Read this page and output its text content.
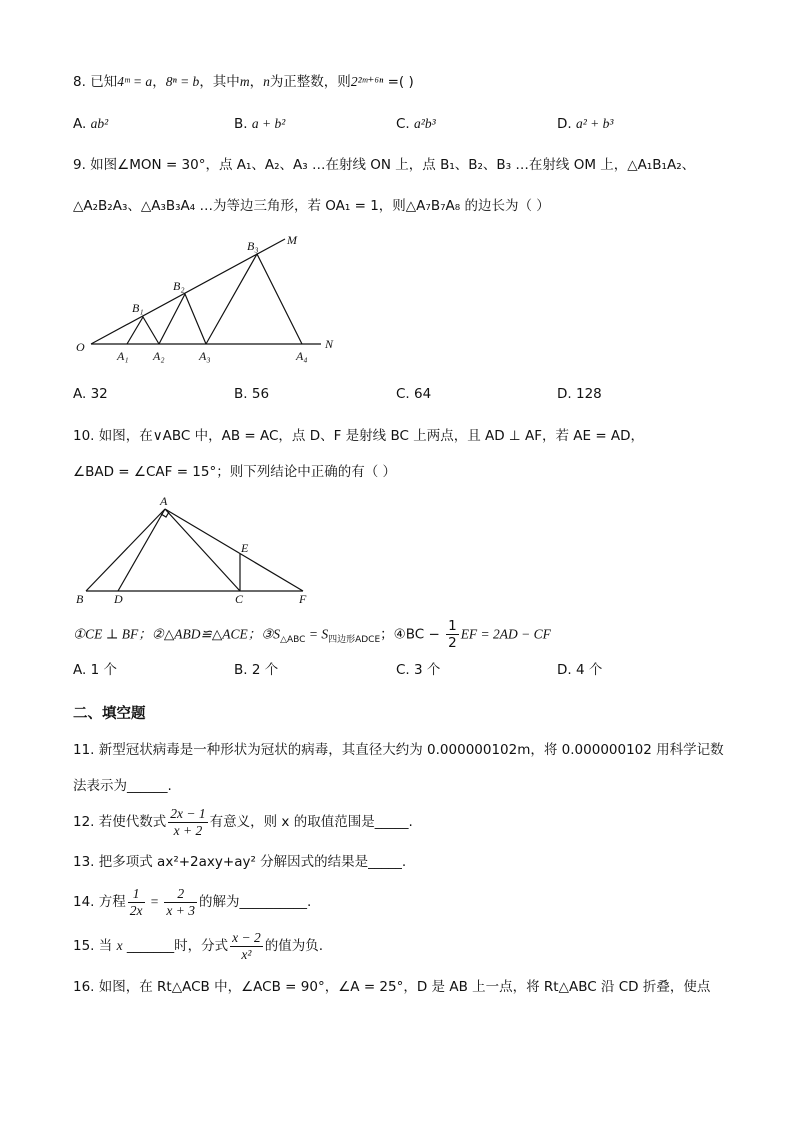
8. 已知4ᵐ = a，8ⁿ = b，其中m，n为正整数，则2²ᵐ⁺⁶ⁿ =( )
A. ab²	B. a + b²	C. a²b³	D. a² + b³
9. 如图∠MON = 30°，点 A₁、A₂、A₃ …在射线 ON 上，点 B₁、B₂、B₃ …在射线 OM 上，△A₁B₁A₂、
△A₂B₂A₃、△A₃B₃A₄ …为等边三角形，若 OA₁ = 1，则△A₇B₇A₈ 的边长为（ ）
O
A₁ A₂	A₃	A₄
N
B₁
B₂
B₃ M
A. 32	B. 56	C. 64	D. 128
10. 如图，在∨ABC 中，AB = AC，点 D、F 是射线 BC 上两点，且 AD ⊥ AF，若 AE = AD，
∠BAD = ∠CAF = 15°；则下列结论中正确的有（ ）
A
B	D	C	F
E
①CE ⊥ BF；②△ABD≌△ACE；$③S_{\triangle ABC} = S_{四边形ADCE}$；④BC − $\frac{1}{2}$ EF = 2AD − CF
A. 1 个	B. 2 个	C. 3 个	D. 4 个
二、填空题
11. 新型冠状病毒是一种形状为冠状的病毒，其直径大约为 0.000000102m，将 0.000000102 用科学记数
法表示为______.
12. 若使代数式 $\frac{2x - 1}{x + 2}$ 有意义，则 x 的取值范围是_____.
13. 把多项式 ax²+2axy+ay² 分解因式的结果是_____.
14. 方程 $\frac{1}{2x} = \frac{2}{x + 3}$ 的解为__________.
15. 当 x _______时，分式 $\frac{x - 2}{\text{x²}}$ 的值为负.
16. 如图，在 Rt△ACB 中，∠ACB = 90°，∠A = 25°，D 是 AB 上一点，将 Rt△ABC 沿 CD 折叠，使点
